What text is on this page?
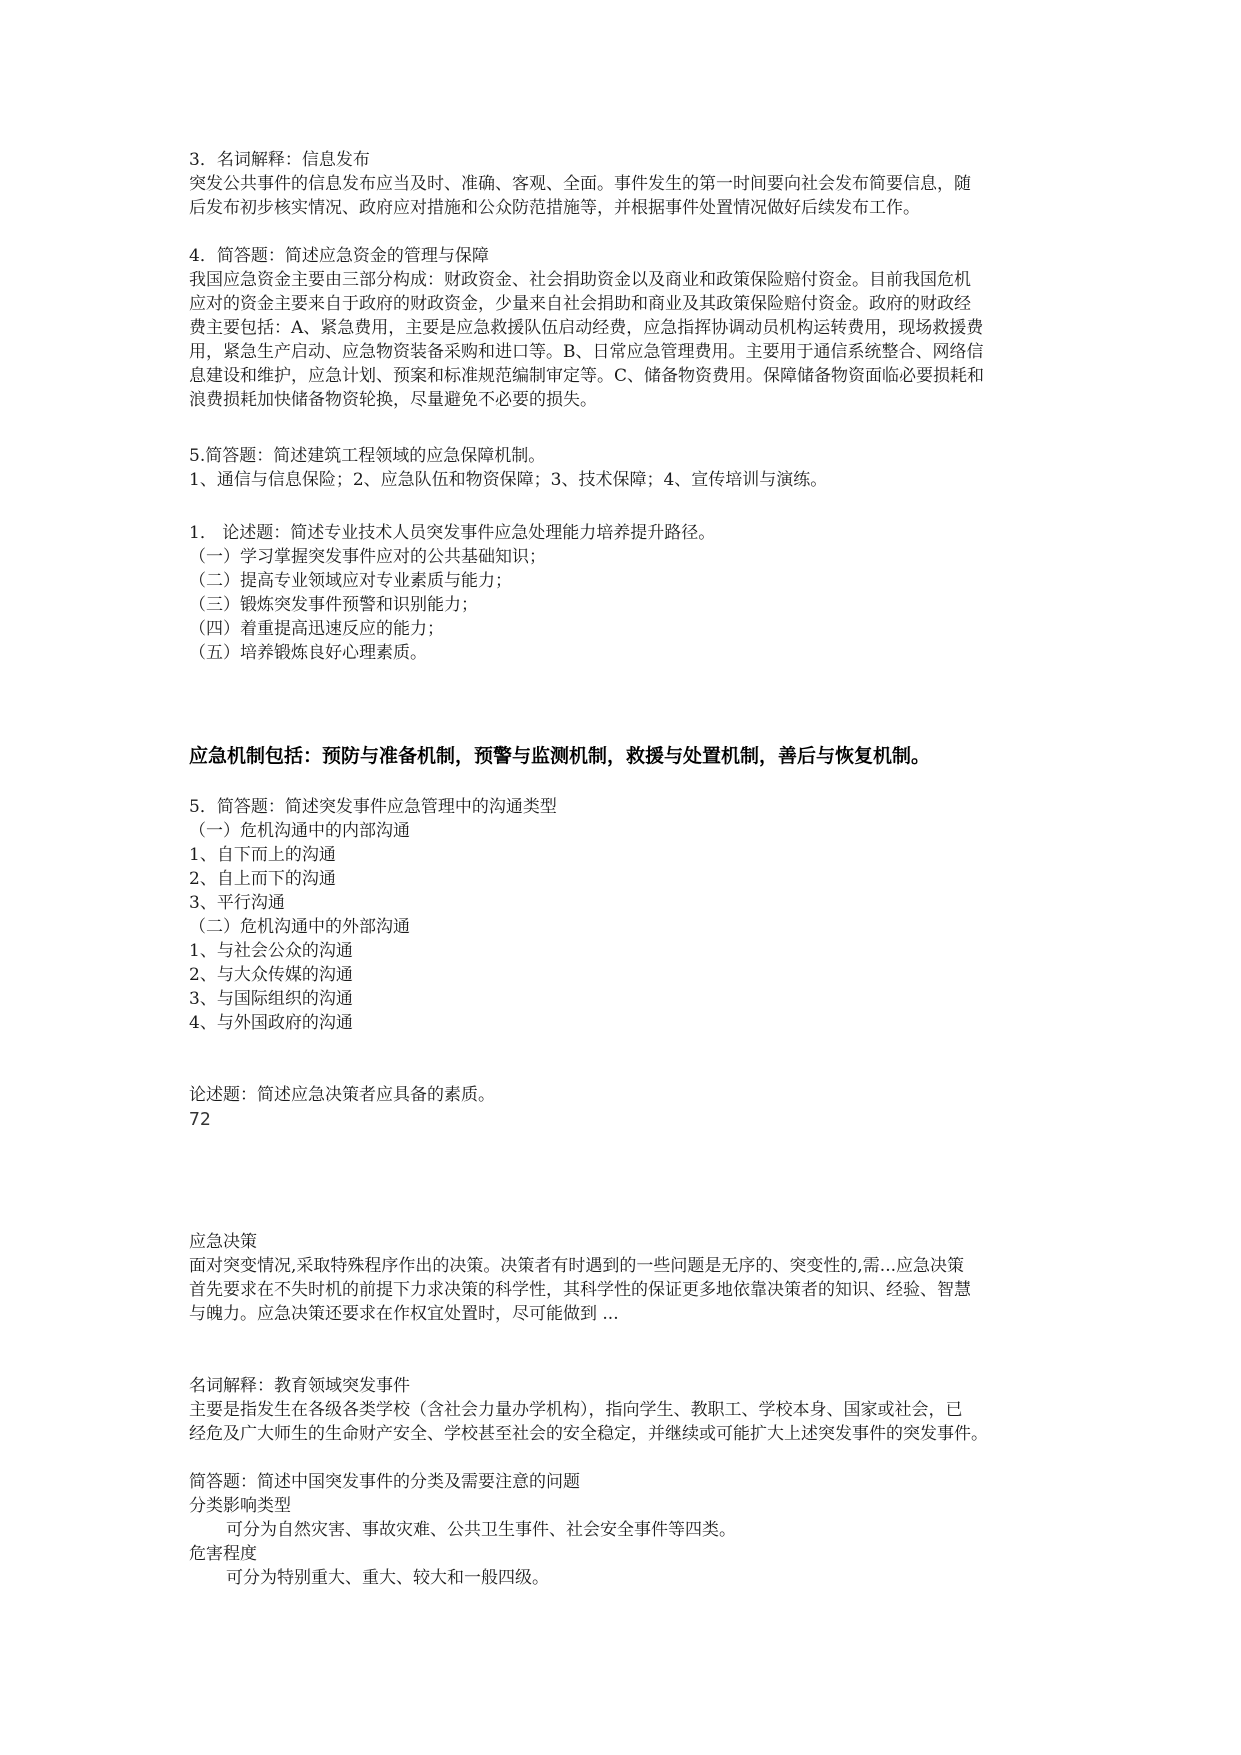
3．名词解释：信息发布
突发公共事件的信息发布应当及时、准确、客观、全面。事件发生的第一时间要向社会发布简要信息，随
后发布初步核实情况、政府应对措施和公众防范措施等，并根据事件处置情况做好后续发布工作。
4．简答题：简述应急资金的管理与保障
我国应急资金主要由三部分构成：财政资金、社会捐助资金以及商业和政策保险赔付资金。目前我国危机
应对的资金主要来自于政府的财政资金，少量来自社会捐助和商业及其政策保险赔付资金。政府的财政经
费主要包括：A、紧急费用，主要是应急救援队伍启动经费，应急指挥协调动员机构运转费用，现场救援费
用，紧急生产启动、应急物资装备采购和进口等。B、日常应急管理费用。主要用于通信系统整合、网络信
息建设和维护，应急计划、预案和标准规范编制审定等。C、储备物资费用。保障储备物资面临必要损耗和
浪费损耗加快储备物资轮换，尽量避免不必要的损失。
5.简答题：简述建筑工程领域的应急保障机制。
1、通信与信息保险；2、应急队伍和物资保障；3、技术保障；4、宣传培训与演练。
1． 论述题：简述专业技术人员突发事件应急处理能力培养提升路径。
（一）学习掌握突发事件应对的公共基础知识；
（二）提高专业领域应对专业素质与能力；
（三）锻炼突发事件预警和识别能力；
（四）着重提高迅速反应的能力；
（五）培养锻炼良好心理素质。
应急机制包括：预防与准备机制，预警与监测机制，救援与处置机制，善后与恢复机制。
5．简答题：简述突发事件应急管理中的沟通类型
（一）危机沟通中的内部沟通
1、自下而上的沟通
2、自上而下的沟通
3、平行沟通
（二）危机沟通中的外部沟通
1、与社会公众的沟通
2、与大众传媒的沟通
3、与国际组织的沟通
4、与外国政府的沟通
论述题：简述应急决策者应具备的素质。
72
应急决策
面对突变情况,采取特殊程序作出的决策。决策者有时遇到的一些问题是无序的、突变性的,需...应急决策
首先要求在不失时机的前提下力求决策的科学性，其科学性的保证更多地依靠决策者的知识、经验、智慧
与魄力。应急决策还要求在作权宜处置时，尽可能做到 ...
名词解释：教育领域突发事件
主要是指发生在各级各类学校（含社会力量办学机构），指向学生、教职工、学校本身、国家或社会，已
经危及广大师生的生命财产安全、学校甚至社会的安全稳定，并继续或可能扩大上述突发事件的突发事件。
简答题：简述中国突发事件的分类及需要注意的问题
分类影响类型
可分为自然灾害、事故灾难、公共卫生事件、社会安全事件等四类。
危害程度
可分为特别重大、重大、较大和一般四级。
